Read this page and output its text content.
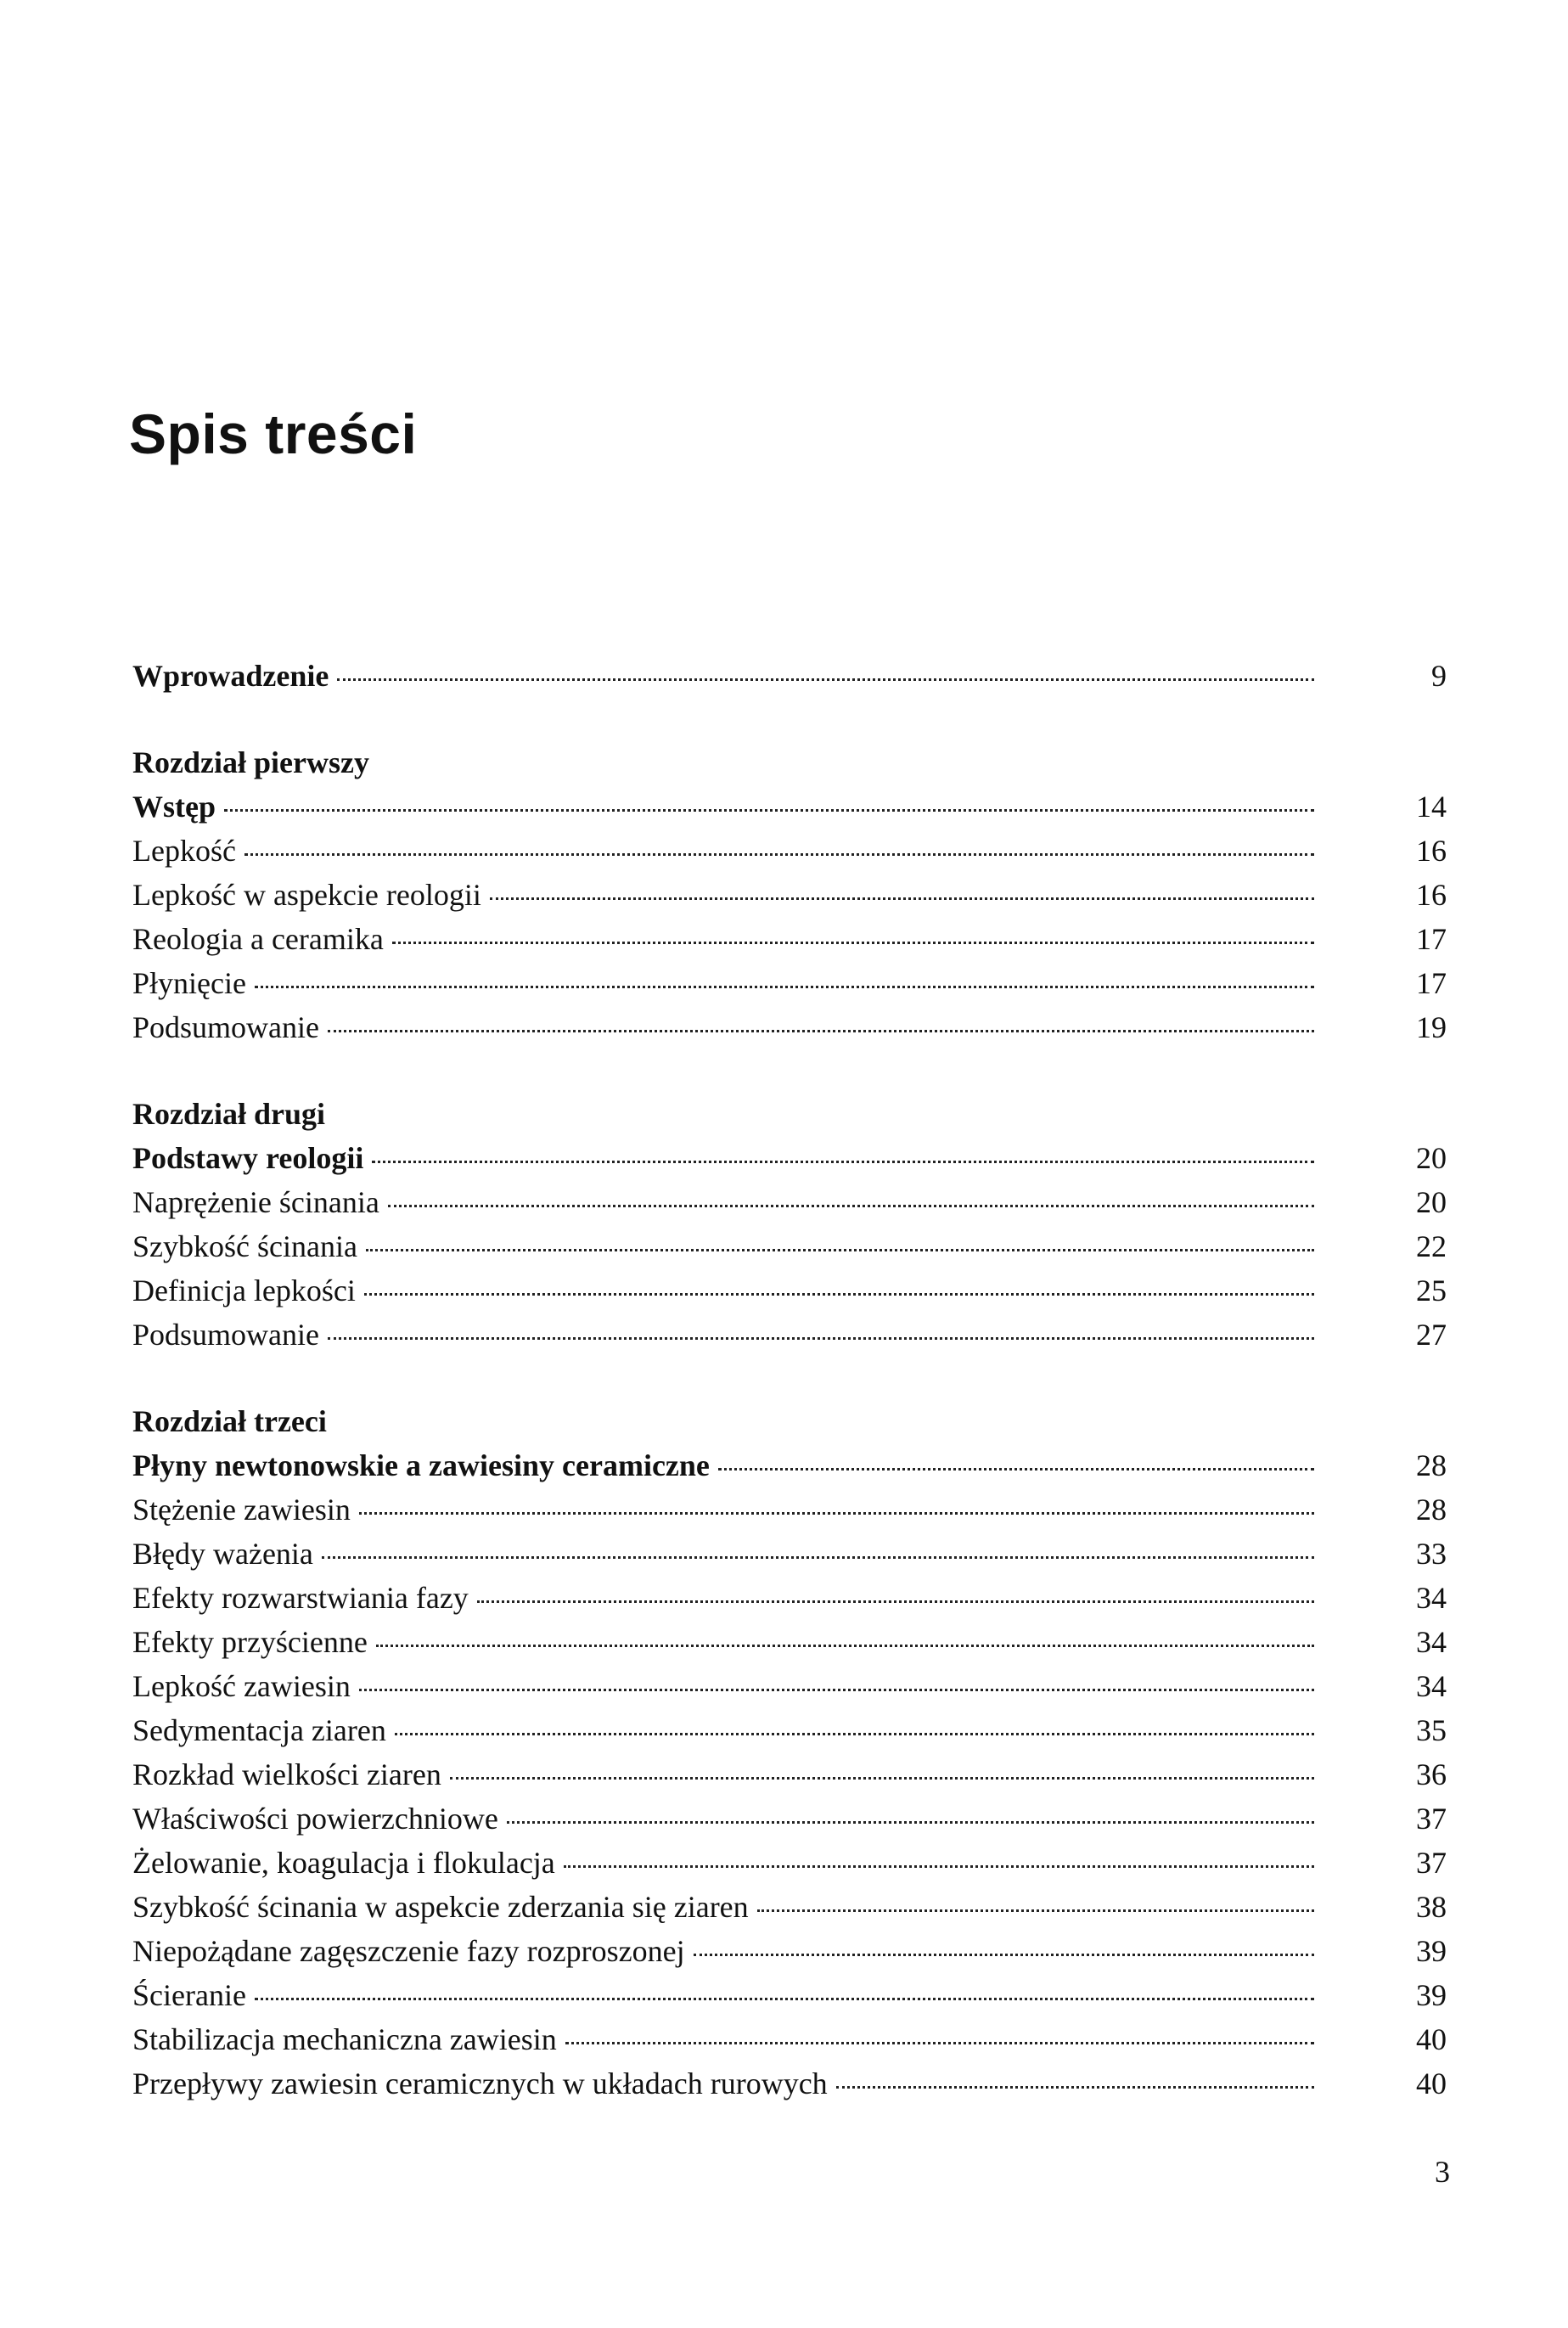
Spis treści
Wprowadzenie	9
Rozdział pierwszy
Wstęp	14
Lepkość	16
Lepkość w aspekcie reologii	16
Reologia a ceramika	17
Płynięcie	17
Podsumowanie	19
Rozdział drugi
Podstawy reologii	20
Naprężenie ścinania	20
Szybkość ścinania	22
Definicja lepkości	25
Podsumowanie	27
Rozdział trzeci
Płyny newtonowskie a zawiesiny ceramiczne	28
Stężenie zawiesin	28
Błędy ważenia	33
Efekty rozwarstwiania fazy	34
Efekty przyścienne	34
Lepkość zawiesin	34
Sedymentacja ziaren	35
Rozkład wielkości ziaren	36
Właściwości powierzchniowe	37
Żelowanie, koagulacja i flokulacja	37
Szybkość ścinania w aspekcie zderzania się ziaren	38
Niepożądane zagęszczenie fazy rozproszonej	39
Ścieranie	39
Stabilizacja mechaniczna zawiesin	40
Przepływy zawiesin ceramicznych w układach rurowych	40
3
